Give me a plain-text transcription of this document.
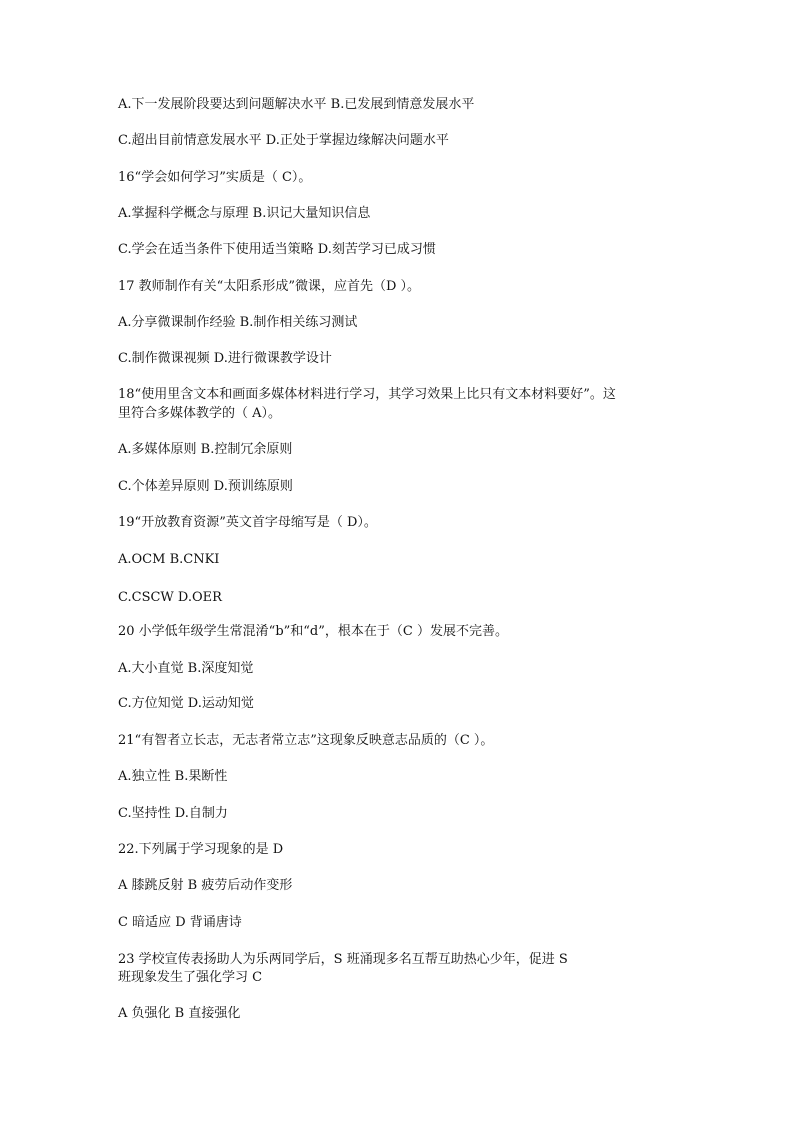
A.下一发展阶段要达到问题解决水平 B.已发展到情意发展水平
C.超出目前情意发展水平 D.正处于掌握边缘解决问题水平
16“学会如何学习”实质是（ C）。
A.掌握科学概念与原理 B.识记大量知识信息
C.学会在适当条件下使用适当策略 D.刻苦学习已成习惯
17 教师制作有关“太阳系形成”微课，应首先（D ）。
A.分享微课制作经验 B.制作相关练习测试
C.制作微课视频 D.进行微课教学设计
18“使用里含文本和画面多媒体材料进行学习，其学习效果上比只有文本材料要好”。这
里符合多媒体教学的（ A）。
A.多媒体原则 B.控制冗余原则
C.个体差异原则 D.预训练原则
19“开放教育资源”英文首字母缩写是（ D）。
A.OCM B.CNKI
C.CSCW D.OER
20 小学低年级学生常混淆“b”和“d”，根本在于（C ）发展不完善。
A.大小直觉 B.深度知觉
C.方位知觉 D.运动知觉
21“有智者立长志，无志者常立志”这现象反映意志品质的（C ）。
A.独立性 B.果断性
C.坚持性 D.自制力
22.下列属于学习现象的是 D
A 膝跳反射 B 疲劳后动作变形
C 暗适应 D 背诵唐诗
23 学校宣传表扬助人为乐两同学后，S 班涌现多名互帮互助热心少年，促进 S
班现象发生了强化学习 C
A 负强化 B 直接强化
